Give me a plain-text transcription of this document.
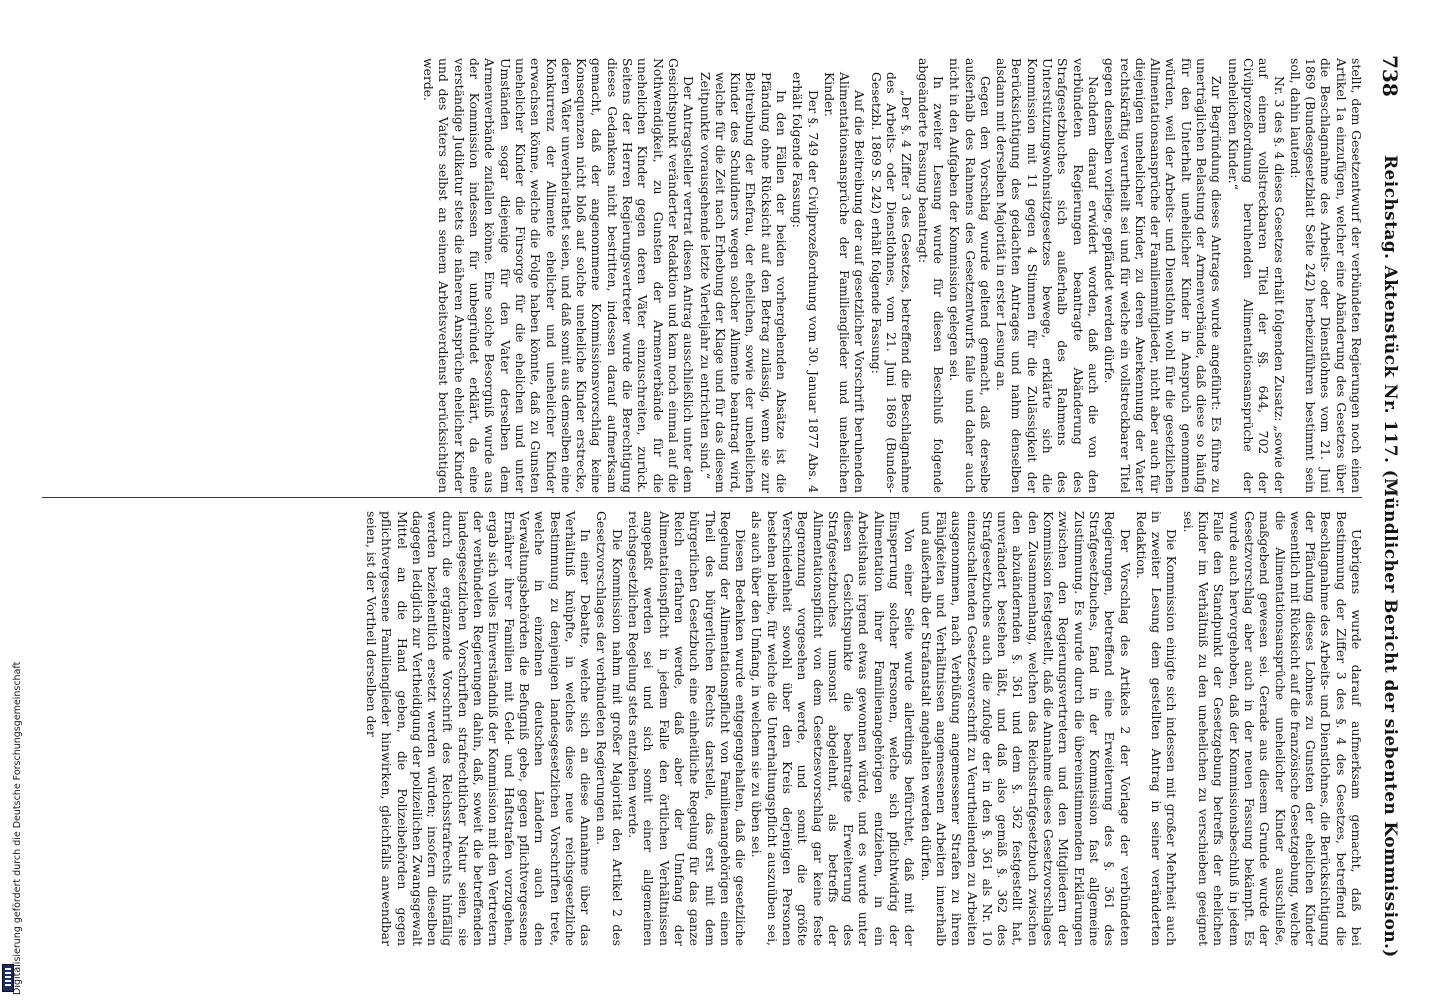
738
Reichstag. Aktenstück Nr. 117. (Mündlicher Bericht der siebenten Kommission.)

stellt, dem Gesetzentwurf der verbündeten Regierungen noch einen Artikel 1a einzufügen, welcher eine Abänderung des Gesetzes über die Beschlagnahme des Arbeits- oder Dienstlohnes vom 21. Juni 1869 (Bundesgesetzblatt Seite 242) herbeizuführen bestimmt sein soll, dahin lautend:

Nr. 3 des §. 4 dieses Gesetzes erhält folgenden Zusatz: „sowie der auf einem vollstreckbaren Titel der §§. 644, 702 der Civilprozeßordnung beruhenden Alimentationsansprüche der unehelichen Kinder.“

Zur Begründung dieses Antrages wurde angeführt: Es führe zu unerträglichen Belastung der Armenverbände, daß diese so häufig für den Unterhalt unehelicher Kinder in Anspruch genommen würden, weil der Arbeits- und Dienstlohn wohl für die gesetzlichen Alimentationsansprüche der Familienmitglieder, nicht aber auch für diejenigen unehelicher Kinder, zu deren Anerkennung der Vater rechtskräftig verurtheilt sei und für welche ein vollstreckbarer Titel gegen denselben vorliege, gepfändet werden dürfe.

Nachdem darauf erwidert worden, daß auch die von den verbündeten Regierungen beantragte Abänderung des Strafgesetzbuches sich außerhalb des Rahmens des Unterstützungswohnsitzgesetzes bewege, erklärte sich die Kommission mit 11 gegen 4 Stimmen für die Zulässigkeit der Berücksichtigung des gedachten Antrages und nahm denselben alsdann mit derselben Majorität in erster Lesung an.

Gegen den Vorschlag wurde geltend gemacht, daß derselbe außerhalb des Rahmens des Gesetzentwurfs falle und daher auch nicht in den Aufgaben der Kommission gelegen sei.

In zweiter Lesung wurde für diesen Beschluß folgende abgeänderte Fassung beantragt:

„Der §. 4 Ziffer 3 des Gesetzes, betreffend die Beschlagnahme des Arbeits- oder Dienstlohnes, vom 21. Juni 1869 (Bundes-Gesetzbl. 1869 S. 242) erhält folgende Fassung:

Auf die Beitreibung der auf gesetzlicher Vorschrift beruhenden Alimentationsansprüche der Familienglieder und unehelichen Kinder.

Der §. 749 der Civilprozeßordnung vom 30. Januar 1877 Abs. 4 erhält folgende Fassung:

In den Fällen der beiden vorhergehenden Absätze ist die Pfändung ohne Rücksicht auf den Betrag zulässig, wenn sie zur Beitreibung der Ehefrau, der ehelichen, sowie der unehelichen Kinder des Schuldners wegen solcher Alimente beantragt wird, welche für die Zeit nach Erhebung der Klage und für das diesem Zeitpunkte vorausgehende letzte Vierteljahr zu entrichten sind.“

Der Antragsteller vertrat diesen Antrag ausschließlich unter dem Gesichtspunkt veränderter Redaktion und kam noch einmal auf die Nothwendigkeit, zu Gunsten der Armenverbände für die unehelichen Kinder gegen deren Väter einzuschreiten, zurück. Seitens der Herren Regierungsvertreter wurde die Berechtigung dieses Gedankens nicht bestritten, indessen darauf aufmerksam gemacht, daß der angenommene Kommissionsvorschlag keine Konsequenzen nicht bloß auf solche uneheliche Kinder erstrecke, deren Väter unverheirathet seien, und daß somit aus demselben eine Konkurrenz der Alimente ehelicher und unehelicher Kinder erwachsen könne, welche die Folge haben könnte, daß zu Gunsten unehelicher Kinder die Fürsorge für die ehelichen und unter Umständen sogar diejenige für den Vater derselben dem Armenverbände zufallen könne. Eine solche Besorgniß wurde aus der Kommission indessen für unbegründet erklärt, da eine verständige Judikatur stets die näheren Ansprüche ehelicher Kinder und des Vaters selbst an seinem Arbeitsverdienst berücksichtigen werde.

Uebrigens wurde darauf aufmerksam gemacht, daß bei Bestimmung der Ziffer 3 des §. 4 des Gesetzes, betreffend die Beschlagnahme des Arbeits- und Dienstlohnes, die Berücksichtigung der Pfändung dieses Lohnes zu Gunsten der ehelichen Kinder wesentlich mit Rücksicht auf die französische Gesetzgebung, welche die Alimentationsansprüche unehelicher Kinder ausschließe, maßgebend gewesen sei. Gerade aus diesem Grunde wurde der Gesetzvorschlag aber auch in der neuen Fassung bekämpft. Es wurde auch hervorgehoben, daß der Kommissionsbeschluß in jedem Falle den Standpunkt der Gesetzgebung betreffs der ehelichen Kinder im Verhältniß zu den unehelichen zu verschieben geeignet sei.

Die Kommission einigte sich indessen mit großer Mehrheit auch in zweiter Lesung dem gestellten Antrag in seiner veränderten Redaktion.

Der Vorschlag des Artikels 2 der Vorlage der verbündeten Regierungen, betreffend eine Erweiterung des §. 361 des Strafgesetzbuches, fand in der Kommission fast allgemeine Zustimmung. Es wurde durch die übereinstimmenden Erklärungen zwischen den Regierungsvertretern und den Mitgliedern der Kommission festgestellt, daß die Annahme dieses Gesetzvorschlages den Zusammenhang, welchen das Reichsstrafgesetzbuch zwischen den abzuändernden §. 361 und dem §. 362 festgestellt hat, unverändert bestehen läßt, und daß also gemäß §. 362 des Strafgesetzbuches auch die zufolge der in den §. 361 als Nr. 10 einzuschaltenden Gesetzesvorschrift zu Verurtheilenden zu Arbeiten ausgenommen, nach Verbüßung angemessener Strafen zu ihren Fähigkeiten und Verhältnissen angemessenen Arbeiten innerhalb und außerhalb der Strafanstalt angehalten werden dürfen.

Von einer Seite wurde allerdings befürchtet, daß mit der Einsperrung solcher Personen, welche sich pflichtwidrig der Alimentation ihrer Familienangehörigen entziehen, in ein Arbeitshaus irgend etwas gewonnen würde, und es wurde unter diesen Gesichtspunkte die beantragte Erweiterung des Strafgesetzbuches umsonst abgelehnt, als betreffs der Alimentationspflicht von dem Gesetzesvorschlag gar keine feste Begrenzung vorgesehen werde, und somit die größte Verschiedenheit sowohl über den Kreis derjenigen Personen bestehen bleibe, für welche die Unterhaltungspflicht auszuüben sei, als auch über den Umfang, in welchem sie zu üben sei.

Diesen Bedenken wurde entgegengehalten, daß die gesetzliche Regelung der Alimentationspflicht von Familienangehörigen einen Theil des bürgerlichen Rechts darstelle, das erst mit dem bürgerlichen Gesetzbuch eine einheitliche Regelung für das ganze Reich erfahren werde, daß aber der Umfang der Alimentationspflicht in jedem Falle den örtlichen Verhältnissen angepaßt werden sei und sich somit einer allgemeinen reichsgesetzlichen Regelung stets entziehen werde.

Die Kommission nahm mit großer Majorität den Artikel 2 des Gesetzvorschlages der verbündeten Regierungen an.

In einer Debatte, welche sich an diese Annahme über das Verhältniß knüpfte, in welches diese neue reichsgesetzliche Bestimmung zu denjenigen landesgesetzlichen Vorschriften trete, welche in einzelnen deutschen Ländern auch den Verwaltungsbehörden die Befugniß gebe, gegen pflichtvergessene Ernährer ihrer Familien mit Geld- und Haftstrafen vorzugehen, ergab sich volles Einverständniß der Kommission mit den Vertretern der verbündeten Regierungen dahin, daß, soweit die betreffenden landesgesetzlichen Vorschriften strafrechtlicher Natur seien, sie durch die ergänzende Vorschrift des Reichsstrafrechts hinfällig werden beziehentlich ersetzt werden würden; insofern dieselben dagegen lediglich zur Vertheidigung der polizeilichen Zwangsgewalt Mittel an die Hand geben, die Polizeibehörden gegen pflichtvergessene Familienglieder hinwirken, gleichfalls anwendbar seien, ist der Vortheil derselben der

Digitalisierung gefördert durch die Deutsche Forschungsgemeinschaft
